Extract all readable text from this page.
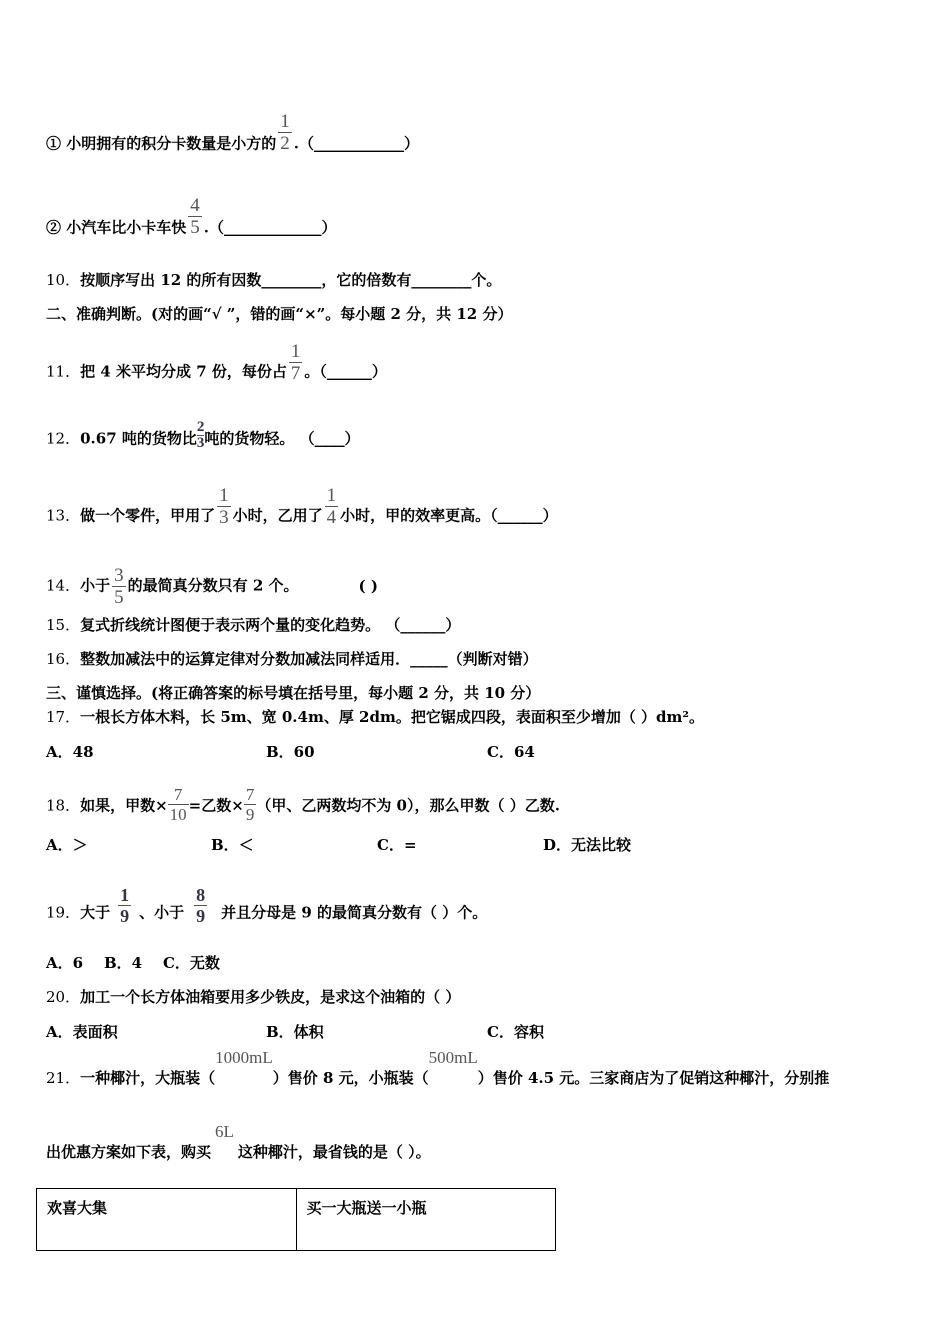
① 小明拥有的积分卡数量是小方的 $\frac{1}{2}$ .（____________）
② 小汽车比小卡车快 $\frac{4}{5}$ .（_____________）
10．按顺序写出 12 的所有因数________，它的倍数有________个。
二、准确判断。(对的画“√ ”，错的画“×”。每小题 2 分，共 12 分）
11．把 4 米平均分成 7 份，每份占 $\frac{1}{7}$ 。（______）
12．0.67 吨的货物比 $\frac{2}{3}$ 吨的货物轻。 （____）
13．做一个零件，甲用了 $\frac{1}{3}$ 小时，乙用了 $\frac{1}{4}$ 小时，甲的效率更高。（______）
14．小于 $\frac{3}{5}$ 的最简真分数只有 2 个。	( )
15．复式折线统计图便于表示两个量的变化趋势。 （______）
16．整数加减法中的运算定律对分数加减法同样适用．_____（判断对错）
三、谨慎选择。(将正确答案的标号填在括号里，每小题 2 分，共 10 分）
17．一根长方体木料，长 5m、宽 0.4m、厚 2dm。把它锯成四段，表面积至少增加（ ）dm²。
A．48	B．60	C．64
18．如果，甲数× $\frac{7}{10}$ =乙数× $\frac{7}{9}$ （甲、乙两数均不为 0），那么甲数（ ）乙数.
A．＞	B．＜	C．=	D．无法比较
19．大于 $\frac{1}{9}$ 、小于 $\frac{8}{9}$ 并且分母是 9 的最简真分数有（ ）个。
A．6    B．4    C．无数
20．加工一个长方体油箱要用多少铁皮，是求这个油箱的（ ）
A．表面积	B．体积	C．容积
21．一种椰汁，大瓶装（1000mL）售价 8 元，小瓶装（500mL）售价 4.5 元。三家商店为了促销这种椰汁，分别推
出优惠方案如下表，购买6L这种椰汁，最省钱的是（ ）。
欢喜大集	买一大瓶送一小瓶
